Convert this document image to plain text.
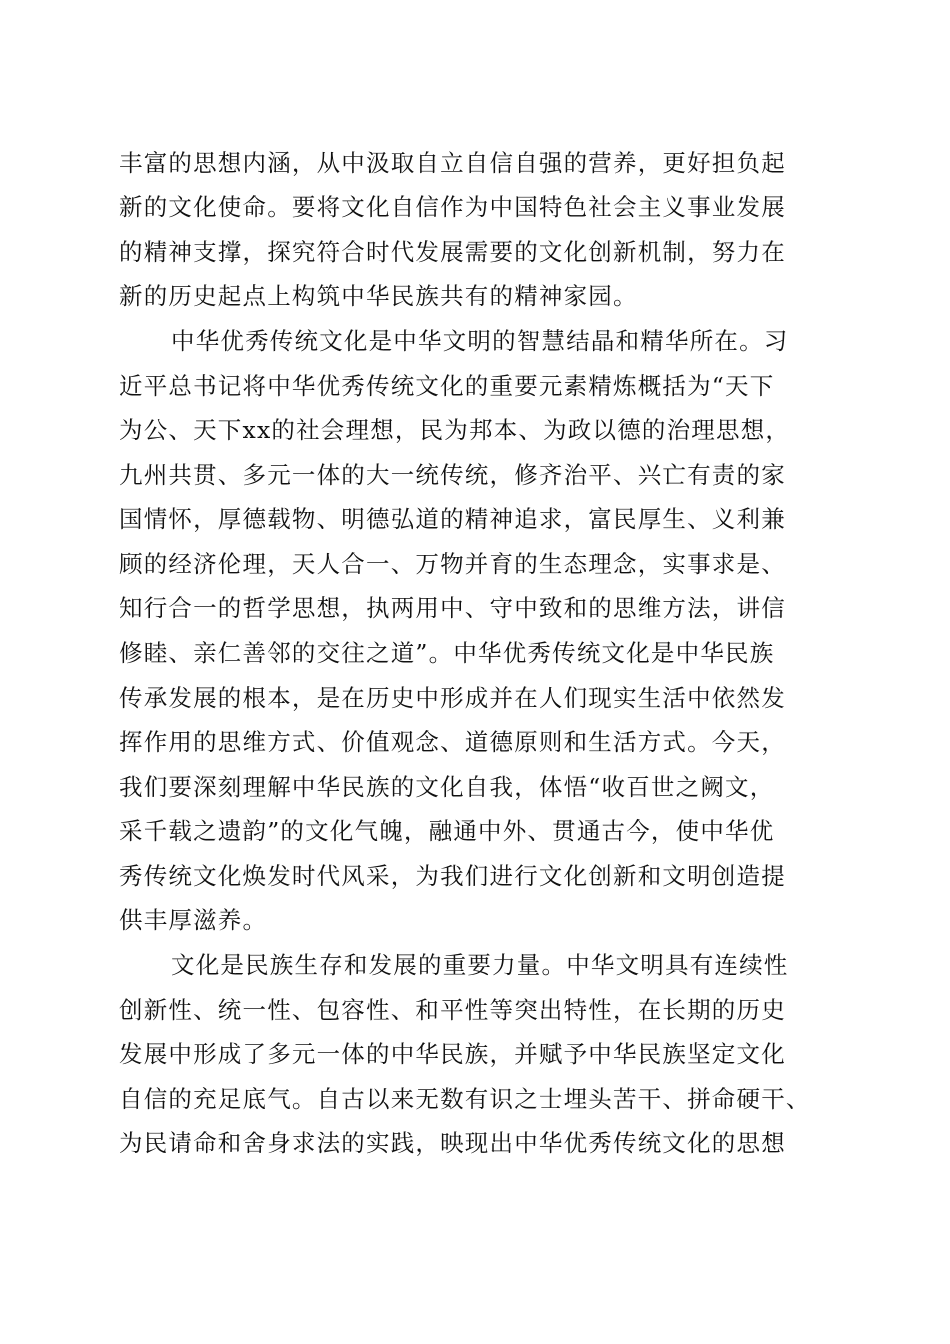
丰富的思想内涵，从中汲取自立自信自强的营养，更好担负起
新的文化使命。要将文化自信作为中国特色社会主义事业发展
的精神支撑，探究符合时代发展需要的文化创新机制，努力在
新的历史起点上构筑中华民族共有的精神家园。
中华优秀传统文化是中华文明的智慧结晶和精华所在。习
近平总书记将中华优秀传统文化的重要元素精炼概括为“天下
为公、天下xx的社会理想，民为邦本、为政以德的治理思想，
九州共贯、多元一体的大一统传统，修齐治平、兴亡有责的家
国情怀，厚德载物、明德弘道的精神追求，富民厚生、义利兼
顾的经济伦理，天人合一、万物并育的生态理念，实事求是、
知行合一的哲学思想，执两用中、守中致和的思维方法，讲信
修睦、亲仁善邻的交往之道”。中华优秀传统文化是中华民族
传承发展的根本，是在历史中形成并在人们现实生活中依然发
挥作用的思维方式、价值观念、道德原则和生活方式。今天，
我们要深刻理解中华民族的文化自我，体悟“收百世之阙文，
采千载之遗韵”的文化气魄，融通中外、贯通古今，使中华优
秀传统文化焕发时代风采，为我们进行文化创新和文明创造提
供丰厚滋养。
文化是民族生存和发展的重要力量。中华文明具有连续性
创新性、统一性、包容性、和平性等突出特性，在长期的历史
发展中形成了多元一体的中华民族，并赋予中华民族坚定文化
自信的充足底气。自古以来无数有识之士埋头苦干、拼命硬干、
为民请命和舍身求法的实践，映现出中华优秀传统文化的思想
